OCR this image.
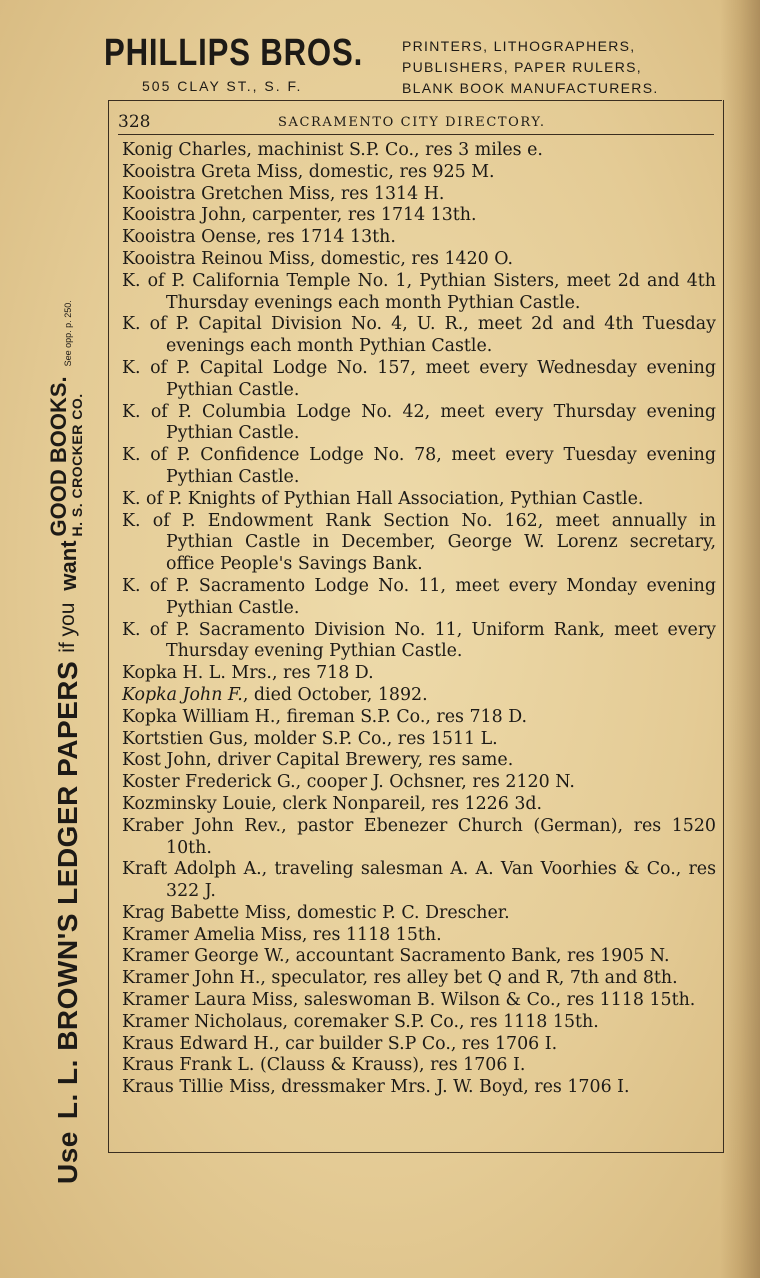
PHILLIPS BROS.
505 CLAY ST., S. F.
PRINTERS, LITHOGRAPHERS,
PUBLISHERS, PAPER RULERS,
BLANK BOOK MANUFACTURERS.
Use
L. L. BROWN'S LEDGER PAPERS
if you
want
GOOD BOOKS.
H. S. CROCKER CO.
See opp. p. 250.
328	SACRAMENTO CITY DIRECTORY.
Konig Charles, machinist S.P. Co., res 3 miles e.
Kooistra Greta Miss, domestic, res 925 M.
Kooistra Gretchen Miss, res 1314 H.
Kooistra John, carpenter, res 1714 13th.
Kooistra Oense, res 1714 13th.
Kooistra Reinou Miss, domestic, res 1420 O.
K. of P. California Temple No. 1, Pythian Sisters, meet 2d and 4th Thursday evenings each month Pythian Castle.
K. of P. Capital Division No. 4, U. R., meet 2d and 4th Tuesday evenings each month Pythian Castle.
K. of P. Capital Lodge No. 157, meet every Wednesday evening Pythian Castle.
K. of P. Columbia Lodge No. 42, meet every Thursday evening Pythian Castle.
K. of P. Confidence Lodge No. 78, meet every Tuesday evening Pythian Castle.
K. of P. Knights of Pythian Hall Association, Pythian Castle.
K. of P. Endowment Rank Section No. 162, meet annually in Pythian Castle in December, George W. Lorenz secretary, office People's Savings Bank.
K. of P. Sacramento Lodge No. 11, meet every Monday evening Pythian Castle.
K. of P. Sacramento Division No. 11, Uniform Rank, meet every Thursday evening Pythian Castle.
Kopka H. L. Mrs., res 718 D.
Kopka John F., died October, 1892.
Kopka William H., fireman S.P. Co., res 718 D.
Kortstien Gus, molder S.P. Co., res 1511 L.
Kost John, driver Capital Brewery, res same.
Koster Frederick G., cooper J. Ochsner, res 2120 N.
Kozminsky Louie, clerk Nonpareil, res 1226 3d.
Kraber John Rev., pastor Ebenezer Church (German), res 1520 10th.
Kraft Adolph A., traveling salesman A. A. Van Voorhies & Co., res 322 J.
Krag Babette Miss, domestic P. C. Drescher.
Kramer Amelia Miss, res 1118 15th.
Kramer George W., accountant Sacramento Bank, res 1905 N.
Kramer John H., speculator, res alley bet Q and R, 7th and 8th.
Kramer Laura Miss, saleswoman B. Wilson & Co., res 1118 15th.
Kramer Nicholaus, coremaker S.P. Co., res 1118 15th.
Kraus Edward H., car builder S.P Co., res 1706 I.
Kraus Frank L. (Clauss & Krauss), res 1706 I.
Kraus Tillie Miss, dressmaker Mrs. J. W. Boyd, res 1706 I.
